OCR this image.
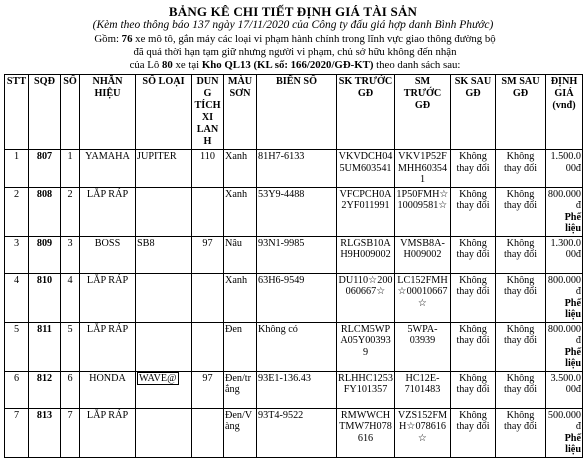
BẢNG KÊ CHI TIẾT ĐỊNH GIÁ TÀI SẢN
(Kèm theo thông báo 137 ngày 17/11/2020 của Công ty đấu giá hợp danh Bình Phước)
Gồm: 76 xe mô tô, gắn máy các loại vi phạm hành chính trong lĩnh vực giao thông đường bộ
đã quá thời hạn tạm giữ nhưng người vi phạm, chủ sở hữu không đến nhận
của Lô 80 xe tại Kho QL13 (KL số: 166/2020/GĐ-KT) theo danh sách sau:
STT	SQĐ	SỐ	NHÃN HIỆU	SỐ LOẠI	DUNG TÍCH XI LANH	MÀU SƠN	BIỂN SỐ	SK TRƯỚC GĐ	SM TRƯỚC GĐ	SK SAU GĐ	SM SAU GĐ	ĐỊNH GIÁ (vnđ)
1	807	1	YAMAHA	JUPITER	110	Xanh	81H7-6133	VKVDCH045UM603541	VKV1P52FMHH603541	Không thay đổi	Không thay đổi	1.500.000đ
2	808	2	LẮP RÁP			Xanh	53Y9-4488	VFCPCH0A2YF011991	1P50FMH☆10009581☆	Không thay đổi	Không thay đổi	800.000đ
Phế liệu

3	809	3	BOSS	SB8	97	Nâu	93N1-9985	RLGSB10AH9H009002	VMSB8A-H009002	Không thay đổi	Không thay đổi	1.300.000đ
4	810	4	LẮP RÁP			Xanh	63H6-9549	DU110☆200060667☆	LC152FMH☆00010667☆	Không thay đổi	Không thay đổi	800.000đ
Phế liệu

5	811	5	LẮP RÁP			Đen	Không có	RLCM5WPA05Y003939	5WPA-03939	Không thay đổi	Không thay đổi	800.000đ
Phế liệu

6	812	6	HONDA	WAVE@	97	Đen/trắng	93E1-136.43	RLHHC1253FY101357	HC12E-7101483	Không thay đổi	Không thay đổi	3.500.000đ
7	813	7	LẮP RÁP			Đen/Vàng	93T4-9522	RMWWCHTMW7H078616	VZS152FMH☆078616☆	Không thay đổi	Không thay đổi	500.000đ
Phế liệu
